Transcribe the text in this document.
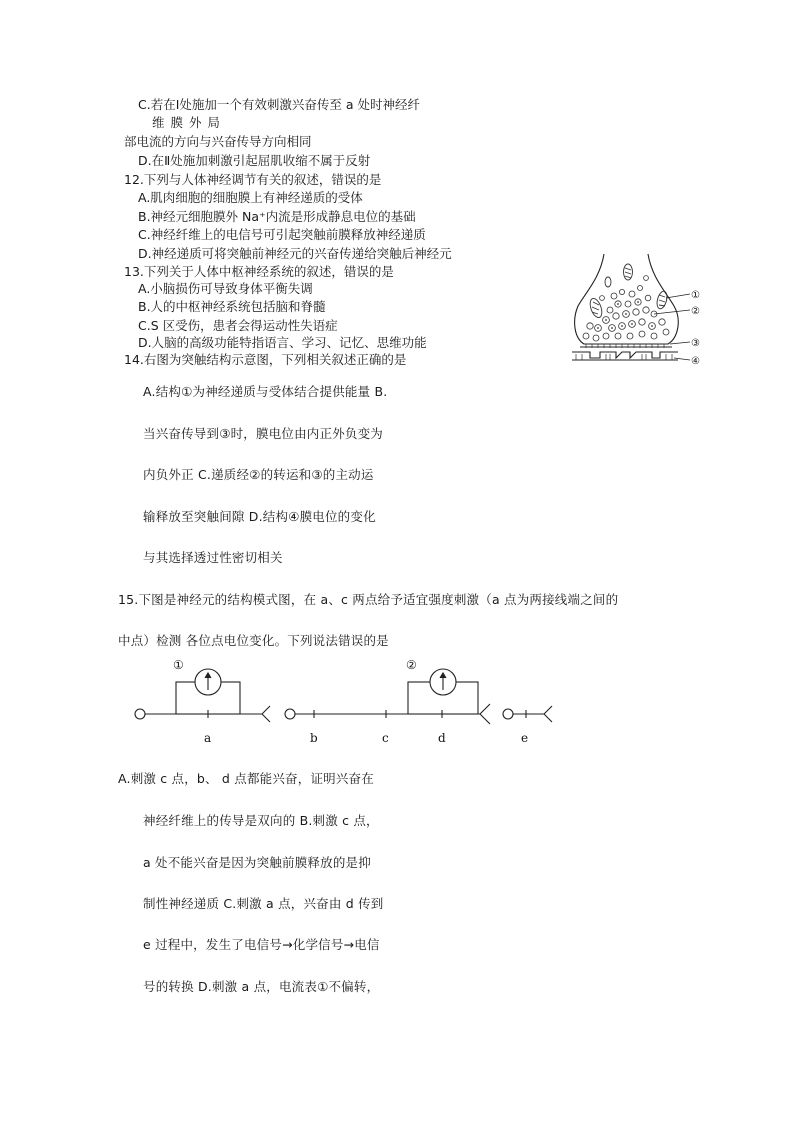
C.若在Ⅰ处施加一个有效刺激兴奋传至 a 处时神经纤
维 膜 外 局
部电流的方向与兴奋传导方向相同
D.在Ⅱ处施加刺激引起屈肌收缩不属于反射
12.下列与人体神经调节有关的叙述，错误的是
A.肌肉细胞的细胞膜上有神经递质的受体
B.神经元细胞膜外 Na⁺内流是形成静息电位的基础
C.神经纤维上的电信号可引起突触前膜释放神经递质
D.神经递质可将突触前神经元的兴奋传递给突触后神经元
13.下列关于人体中枢神经系统的叙述，错误的是
A.小脑损伤可导致身体平衡失调
B.人的中枢神经系统包括脑和脊髓
C.S 区受伤，患者会得运动性失语症
D.人脑的高级功能特指语言、学习、记忆、思维功能
14.右图为突触结构示意图，下列相关叙述正确的是
A.结构①为神经递质与受体结合提供能量 B.
当兴奋传导到③时，膜电位由内正外负变为
内负外正 C.递质经②的转运和③的主动运
输释放至突触间隙 D.结构④膜电位的变化
与其选择透过性密切相关
①
②
③
④
15.下图是神经元的结构模式图，在 a、c 两点给予适宜强度刺激（a 点为两接线端之间的
中点）检测 各位点电位变化。下列说法错误的是
①	②
a	b	c	d	e
A.刺激 c 点，b、 d 点都能兴奋，证明兴奋在
神经纤维上的传导是双向的 B.刺激 c 点，
a 处不能兴奋是因为突触前膜释放的是抑
制性神经递质 C.刺激 a 点，兴奋由 d 传到
e 过程中，发生了电信号→化学信号→电信
号的转换 D.刺激 a 点，电流表①不偏转，
